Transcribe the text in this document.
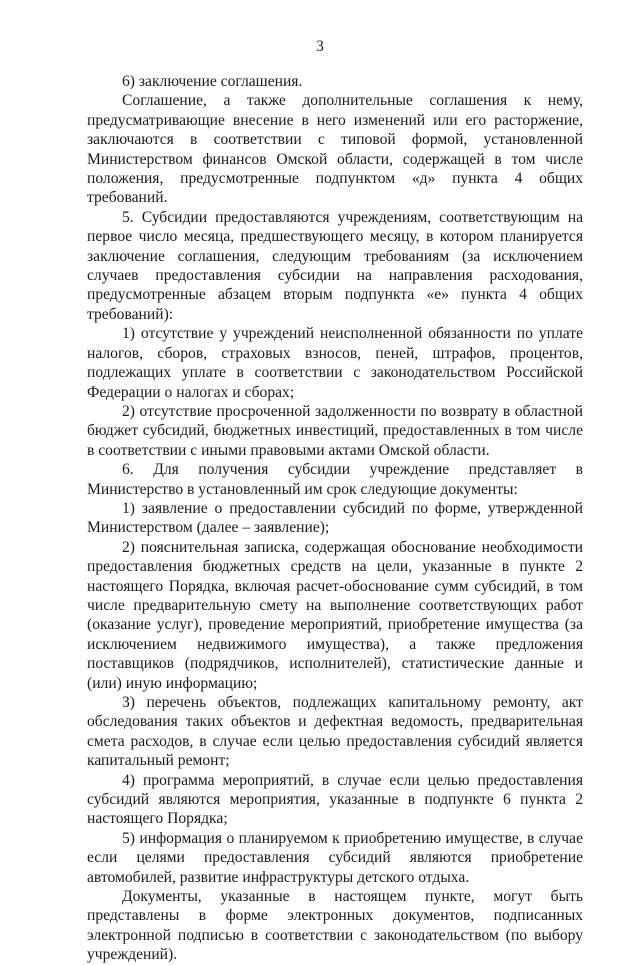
3

6) заключение соглашения.

Соглашение, а также дополнительные соглашения к нему, предусматривающие внесение в него изменений или его расторжение, заключаются в соответствии с типовой формой, установленной Министерством финансов Омской области, содержащей в том числе положения, предусмотренные подпунктом «д» пункта 4 общих требований.

5. Субсидии предоставляются учреждениям, соответствующим на первое число месяца, предшествующего месяцу, в котором планируется заключение соглашения, следующим требованиям (за исключением случаев предоставления субсидии на направления расходования, предусмотренные абзацем вторым подпункта «е» пункта 4 общих требований):

1) отсутствие у учреждений неисполненной обязанности по уплате налогов, сборов, страховых взносов, пеней, штрафов, процентов, подлежащих уплате в соответствии с законодательством Российской Федерации о налогах и сборах;

2) отсутствие просроченной задолженности по возврату в областной бюджет субсидий, бюджетных инвестиций, предоставленных в том числе в соответствии с иными правовыми актами Омской области.

6. Для получения субсидии учреждение представляет в Министерство в установленный им срок следующие документы:

1) заявление о предоставлении субсидий по форме, утвержденной Министерством (далее – заявление);

2) пояснительная записка, содержащая обоснование необходимости предоставления бюджетных средств на цели, указанные в пункте 2 настоящего Порядка, включая расчет-обоснование сумм субсидий, в том числе предварительную смету на выполнение соответствующих работ (оказание услуг), проведение мероприятий, приобретение имущества (за исключением недвижимого имущества), а также предложения поставщиков (подрядчиков, исполнителей), статистические данные и (или) иную информацию;

3) перечень объектов, подлежащих капитальному ремонту, акт обследования таких объектов и дефектная ведомость, предварительная смета расходов, в случае если целью предоставления субсидий является капитальный ремонт;

4) программа мероприятий, в случае если целью предоставления субсидий являются мероприятия, указанные в подпункте 6 пункта 2 настоящего Порядка;

5) информация о планируемом к приобретению имуществе, в случае если целями предоставления субсидий являются приобретение автомобилей, развитие инфраструктуры детского отдыха.

Документы, указанные в настоящем пункте, могут быть представлены в форме электронных документов, подписанных электронной подписью в соответствии с законодательством (по выбору учреждений).
